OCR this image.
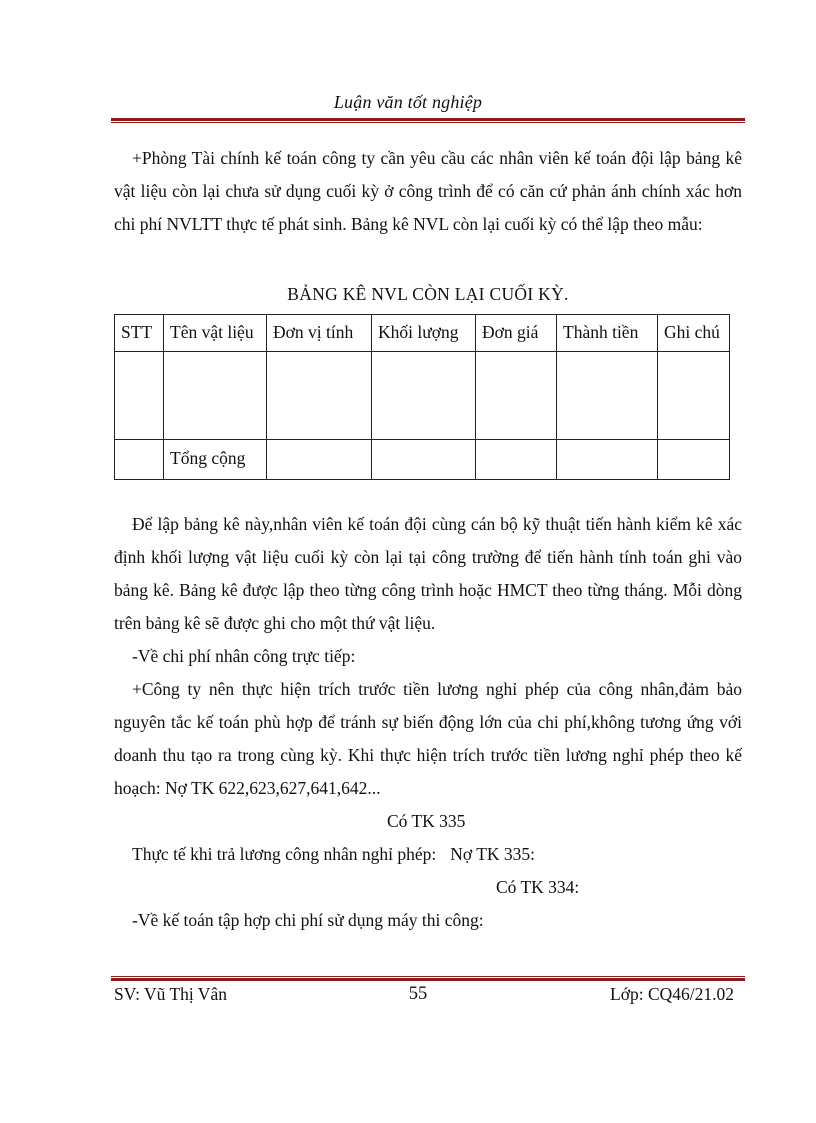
Luận văn tốt nghiệp

+Phòng Tài chính kế toán công ty cần yêu cầu các nhân viên kế toán đội lập bảng kê vật liệu còn lại chưa sử dụng cuối kỳ ở công trình để có căn cứ phản ánh chính xác hơn chi phí NVLTT thực tế phát sinh. Bảng kê NVL còn lại cuối kỳ có thể lập theo mẫu:

BẢNG KÊ NVL CÒN LẠI CUỐI KỲ.
STT	Tên vật liệu	Đơn vị tính	Khối lượng	Đơn giá	Thành tiền	Ghi chú

	Tổng cộng					

Để lập bảng kê này,nhân viên kế toán đội cùng cán bộ kỹ thuật tiến hành kiểm kê xác định khối lượng vật liệu cuối kỳ còn lại tại công trường để tiến hành tính toán ghi vào bảng kê. Bảng kê được lập theo từng công trình hoặc HMCT theo từng tháng. Mỗi dòng trên bảng kê sẽ được ghi cho một thứ vật liệu.

-Về chi phí nhân công trực tiếp:

+Công ty nên thực hiện trích trước tiền lương nghỉ phép của công nhân,đảm bảo nguyên tắc kế toán phù hợp để tránh sự biến động lớn của chi phí,không tương ứng với doanh thu tạo ra trong cùng kỳ. Khi thực hiện trích trước tiền lương nghỉ phép theo kế hoạch: Nợ TK 622,623,627,641,642...

Có TK 335
Thực tế khi trả lương công nhân nghỉ phép: Nợ TK 335:
Có TK 334:

-Về kế toán tập hợp chi phí sử dụng máy thi công:

SV: Vũ Thị Vân	55	Lớp: CQ46/21.02
